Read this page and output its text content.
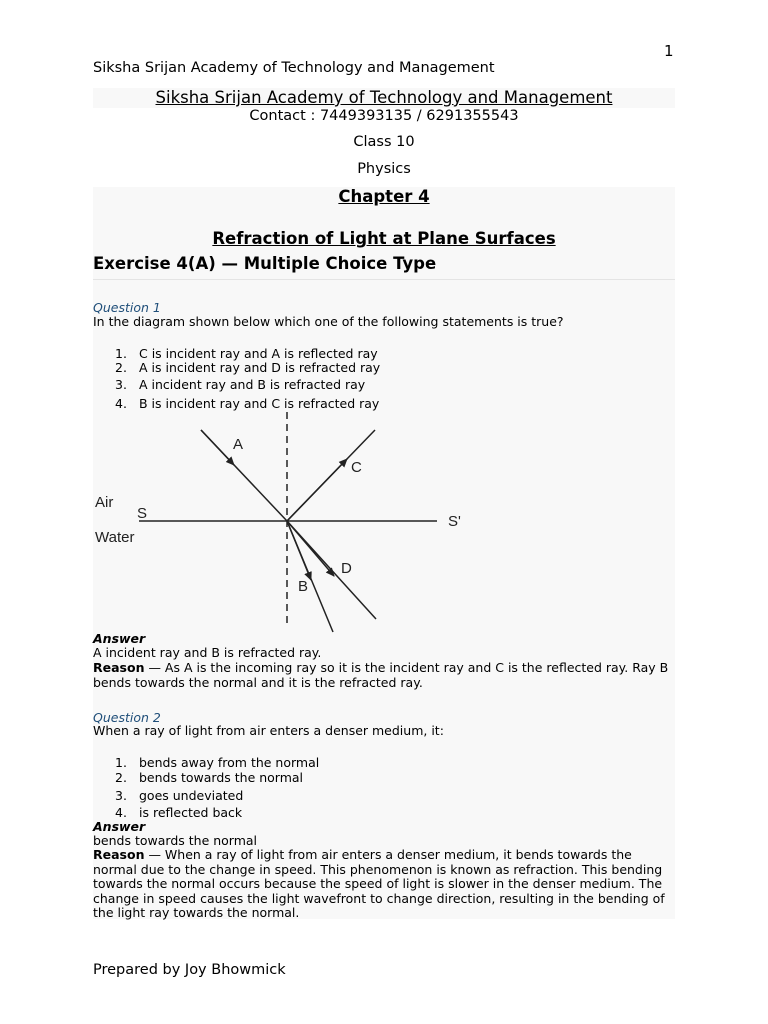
1
Siksha Srijan Academy of Technology and Management
Siksha Srijan Academy of Technology and Management
Contact : 7449393135 / 6291355543
Class 10
Physics
Chapter 4
Refraction of Light at Plane Surfaces
Exercise 4(A) — Multiple Choice Type
Question 1
In the diagram shown below which one of the following statements is true?
1. C is incident ray and A is reflected ray
2. A is incident ray and D is refracted ray
3. A incident ray and B is refracted ray
4. B is incident ray and C is refracted ray
A
C
B
D
S	S'
Air
Water
Answer
A incident ray and B is refracted ray.
Reason — As A is the incoming ray so it is the incident ray and C is the reflected ray. Ray B bends towards the normal and it is the refracted ray.
Question 2
When a ray of light from air enters a denser medium, it:
1. bends away from the normal
2. bends towards the normal
3. goes undeviated
4. is reflected back
Answer
bends towards the normal
Reason — When a ray of light from air enters a denser medium, it bends towards the normal due to the change in speed. This phenomenon is known as refraction. This bending towards the normal occurs because the speed of light is slower in the denser medium. The change in speed causes the light wavefront to change direction, resulting in the bending of the light ray towards the normal.
Prepared by Joy Bhowmick
